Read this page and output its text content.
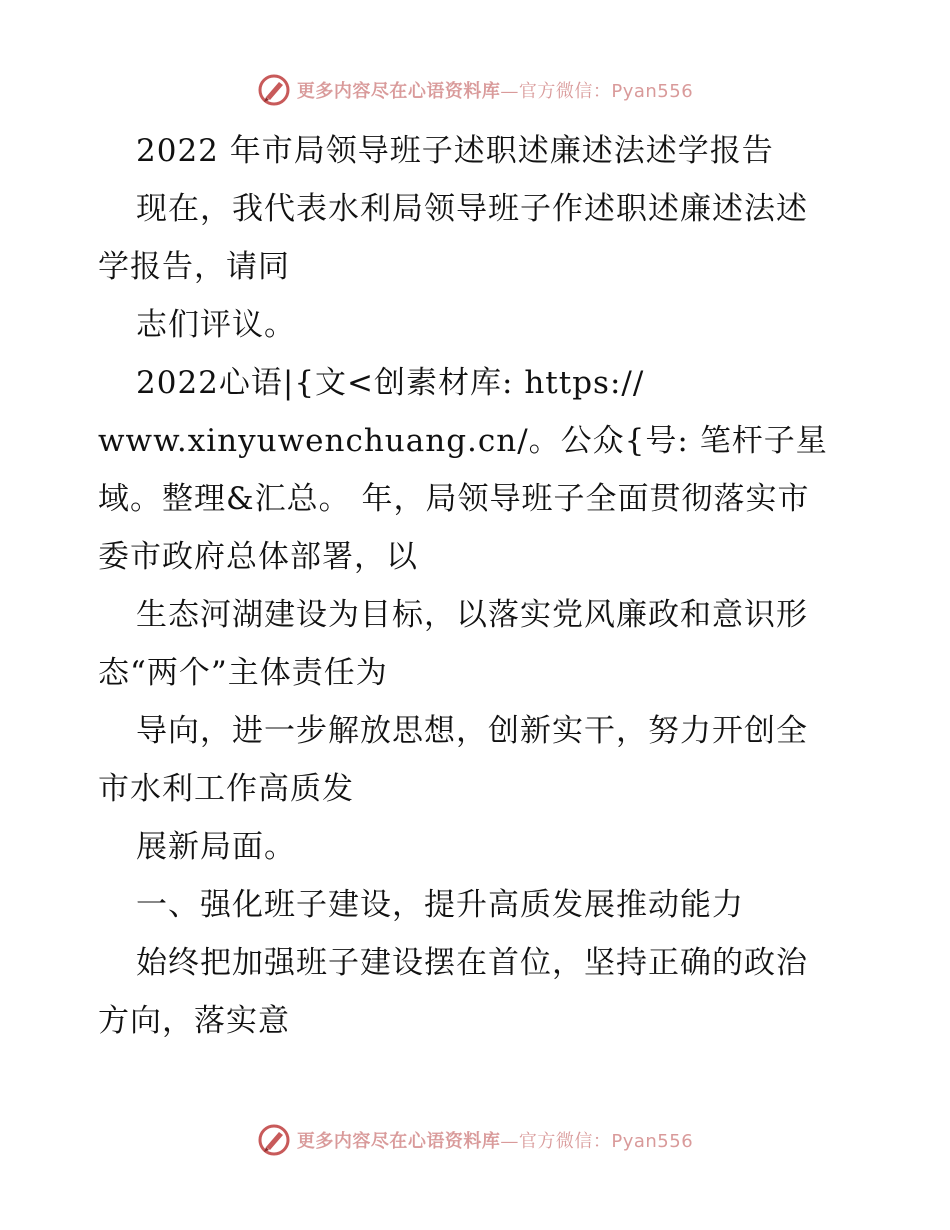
更多内容尽在心语资料库—官方微信：Pyan556
2022 年市局领导班子述职述廉述法述学报告
现在，我代表水利局领导班子作述职述廉述法述
学报告，请同
志们评议。
2022心语|{文<创素材库: https://
www.xinyuwenchuang.cn/。公众{号: 笔杆子星
域。整理&汇总。 年，局领导班子全面贯彻落实市
委市政府总体部署，以
生态河湖建设为目标，以落实党风廉政和意识形
态“两个”主体责任为
导向，进一步解放思想，创新实干，努力开创全
市水利工作高质发
展新局面。
一、强化班子建设，提升高质发展推动能力
始终把加强班子建设摆在首位，坚持正确的政治
方向，落实意
更多内容尽在心语资料库—官方微信：Pyan556
